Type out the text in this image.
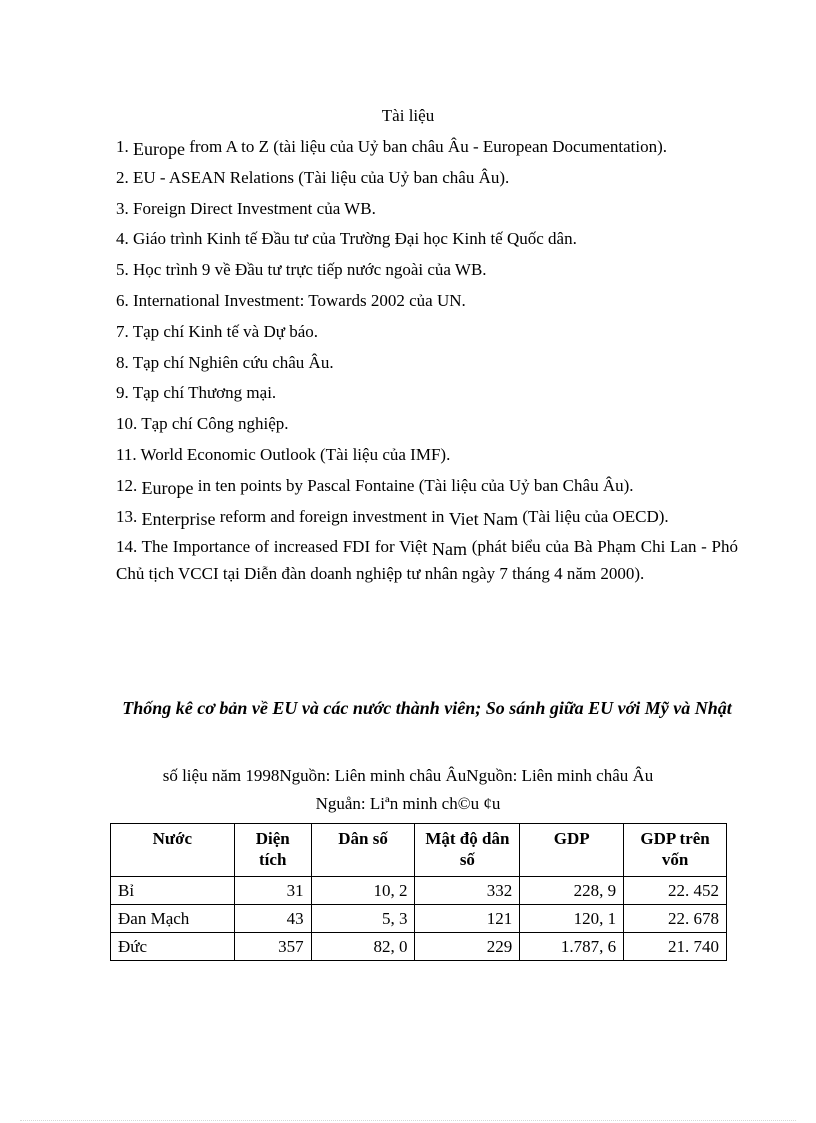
Tài liệu
1. Europe from A to Z (tài liệu của Uỷ ban châu Âu - European Documentation).
2. EU - ASEAN Relations (Tài liệu của Uỷ ban châu Âu).
3. Foreign Direct Investment của WB.
4. Giáo trình Kinh tế Đầu tư của Trường Đại học Kinh tế Quốc dân.
5. Học trình 9 về Đầu tư trực tiếp nước ngoài của WB.
6. International Investment: Towards 2002 của UN.
7. Tạp chí Kinh tế và Dự báo.
8. Tạp chí Nghiên cứu châu Âu.
9. Tạp chí Thương mại.
10. Tạp chí Công nghiệp.
11. World Economic Outlook (Tài liệu của IMF).
12. Europe in ten points by Pascal Fontaine (Tài liệu của Uỷ ban Châu Âu).
13. Enterprise reform and foreign investment in Viet Nam (Tài liệu của OECD).
14. The Importance of increased FDI for Việt Nam (phát biểu của Bà Phạm Chi Lan - Phó Chủ tịch VCCI tại Diễn đàn doanh nghiệp tư nhân ngày 7 tháng 4 năm 2000).
Thống kê cơ bản về EU và các nước thành viên; So sánh giữa EU với Mỹ và Nhật
số liệu năm 1998Nguồn: Liên minh châu ÂuNguồn: Liên minh châu Âu
Nguån: Liªn minh ch©u ¢u
Nước	Diện tích	Dân số	Mật độ dân số	GDP	GDP trên vốn
Bỉ	31	10, 2	332	228, 9	22. 452
Đan Mạch	43	5, 3	121	120, 1	22. 678
Đức	357	82, 0	229	1.787, 6	21. 740
